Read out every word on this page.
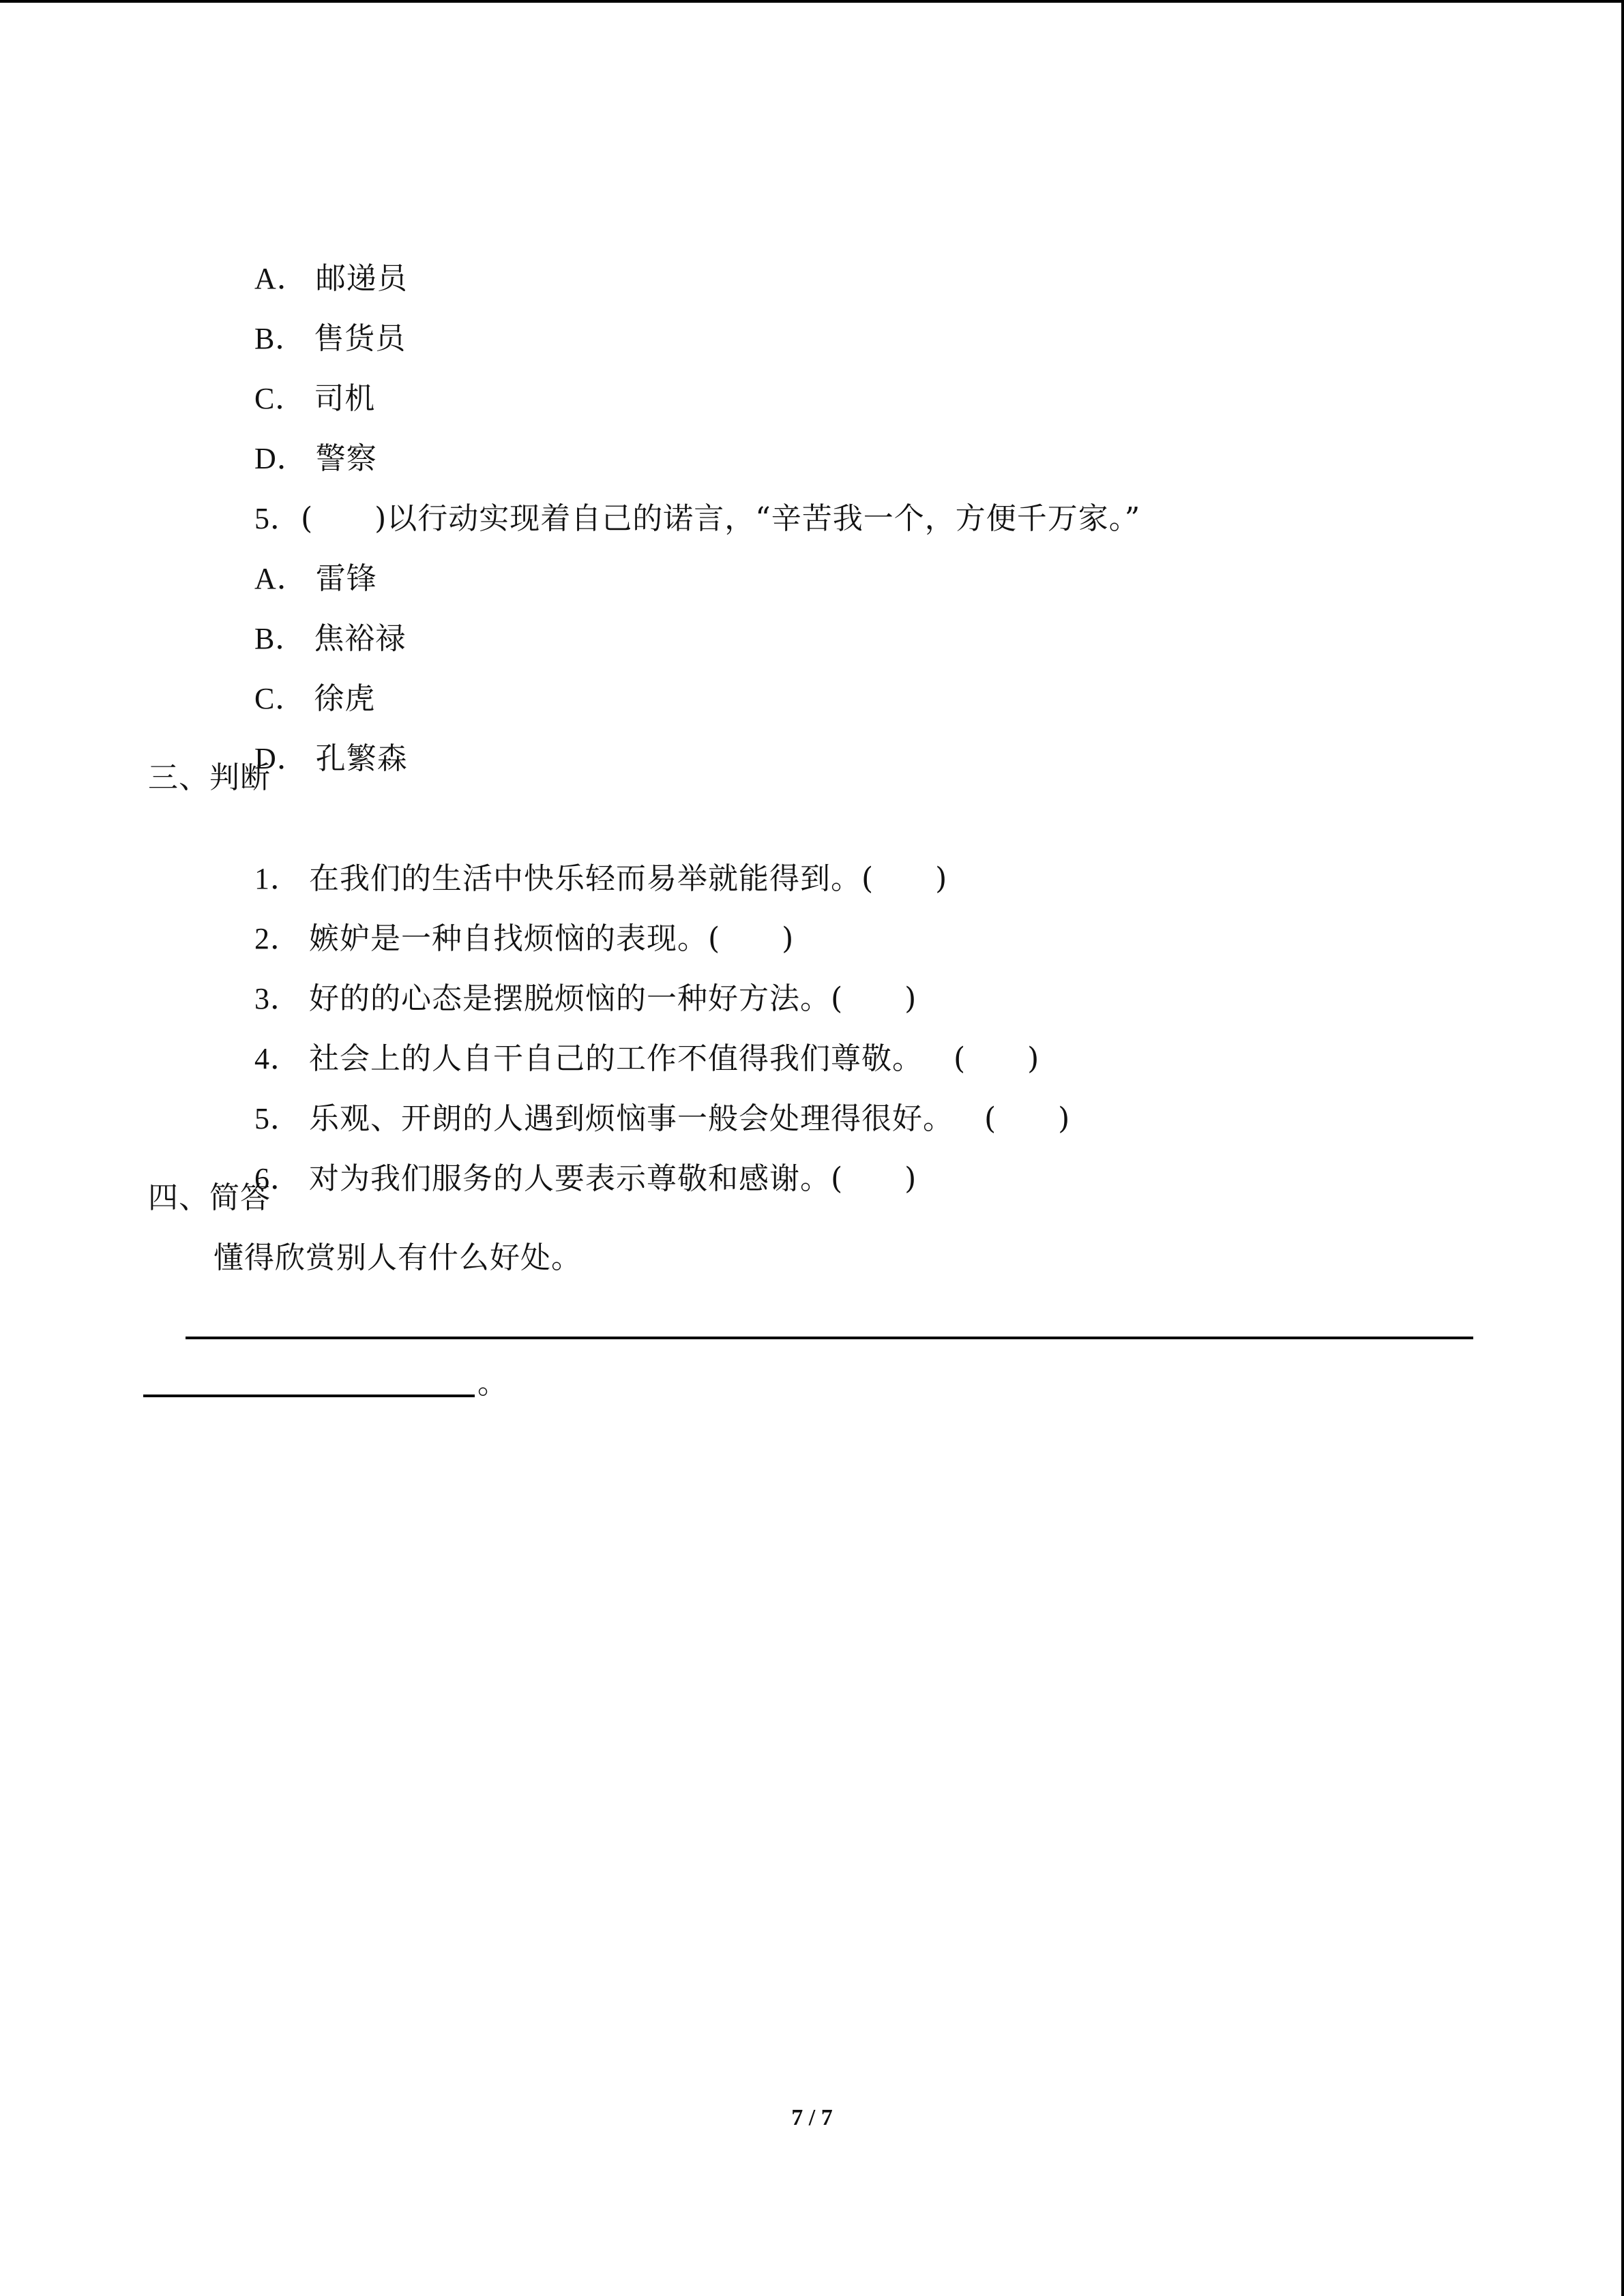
A． 邮递员

B． 售货员

C． 司机

D． 警察

5．(　　)以行动实现着自己的诺言，“辛苦我一个，方便千万家。”

A． 雷锋

B． 焦裕禄

C． 徐虎

D． 孔繁森

三、判断

1． 在我们的生活中快乐轻而易举就能得到。(　　)

2． 嫉妒是一种自找烦恼的表现。(　　)

3． 好的的心态是摆脱烦恼的一种好方法。(　　)

4． 社会上的人自干自己的工作不值得我们尊敬。　(　　)

5． 乐观、开朗的人遇到烦恼事一般会处理得很好。　(　　)

6． 对为我们服务的人要表示尊敬和感谢。(　　)

四、简答
懂得欣赏别人有什么好处。
。
7 / 7
